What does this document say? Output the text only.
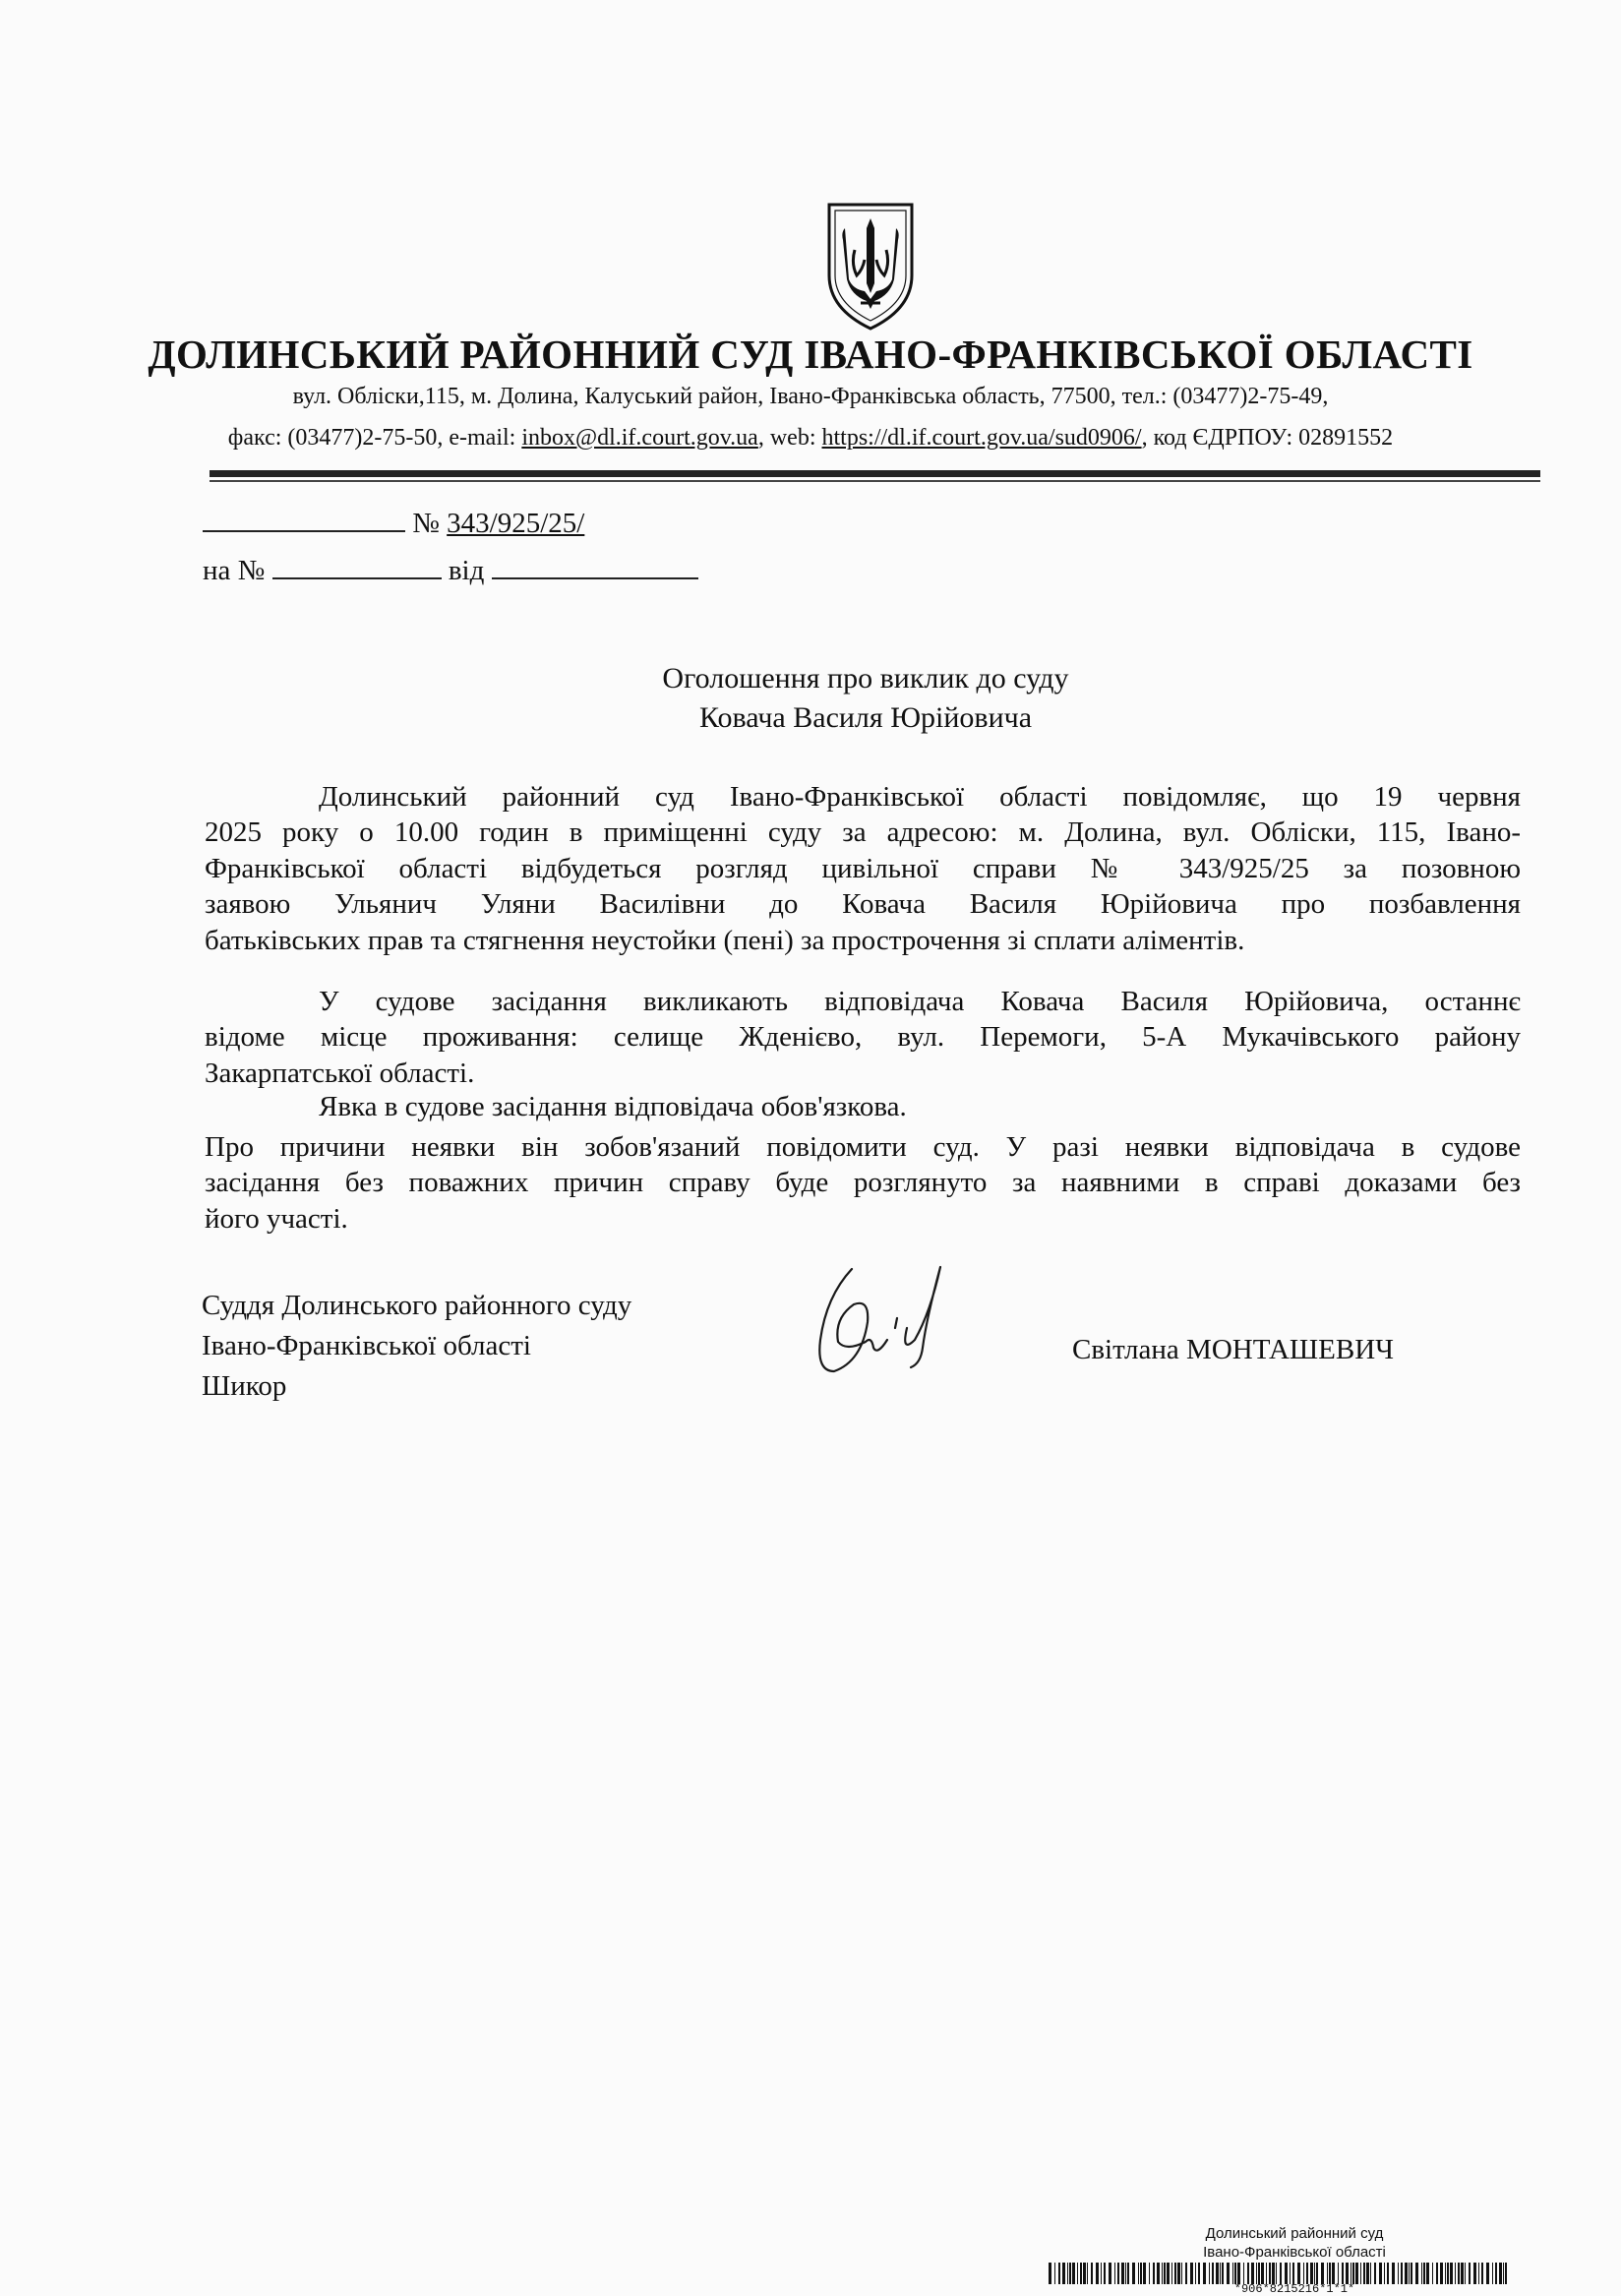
ДОЛИНСЬКИЙ РАЙОННИЙ СУД ІВАНО-ФРАНКІВСЬКОЇ ОБЛАСТІ
вул. Обліски,115, м. Долина, Калуський район, Івано-Франківська область, 77500, тел.: (03477)2-75-49,
факс: (03477)2-75-50, e-mail: inbox@dl.if.court.gov.ua, web: https://dl.if.court.gov.ua/sud0906/, код ЄДРПОУ: 02891552
№ 343/925/25/
на №	від
Оголошення про виклик до суду
Ковача Василя Юрійовича
Долинський районний суд Івано-Франківської області повідомляє, що 19 червня
2025 року о 10.00 годин в приміщенні суду за адресою: м. Долина, вул. Обліски, 115, Івано-
Франківської області відбудеться розгляд цивільної справи № 343/925/25 за позовною
заявою Ульянич Уляни Василівни до Ковача Василя Юрійовича про позбавлення
батьківських прав та стягнення неустойки (пені) за прострочення зі сплати аліментів.
У судове засідання викликають відповідача Ковача Василя Юрійовича, останнє
відоме місце проживання: селище Жденієво, вул. Перемоги, 5-А Мукачівського району
Закарпатської області.
Явка в судове засідання відповідача обов'язкова.
Про причини неявки він зобов'язаний повідомити суд. У разі неявки відповідача в судове
засідання без поважних причин справу буде розглянуто за наявними в справі доказами без
його участі.
Суддя Долинського районного суду
Івано-Франківської області
Шикор
Світлана МОНТАШЕВИЧ
Долинський районний суд
Івано-Франківської області
*906*8215216*1*1*
